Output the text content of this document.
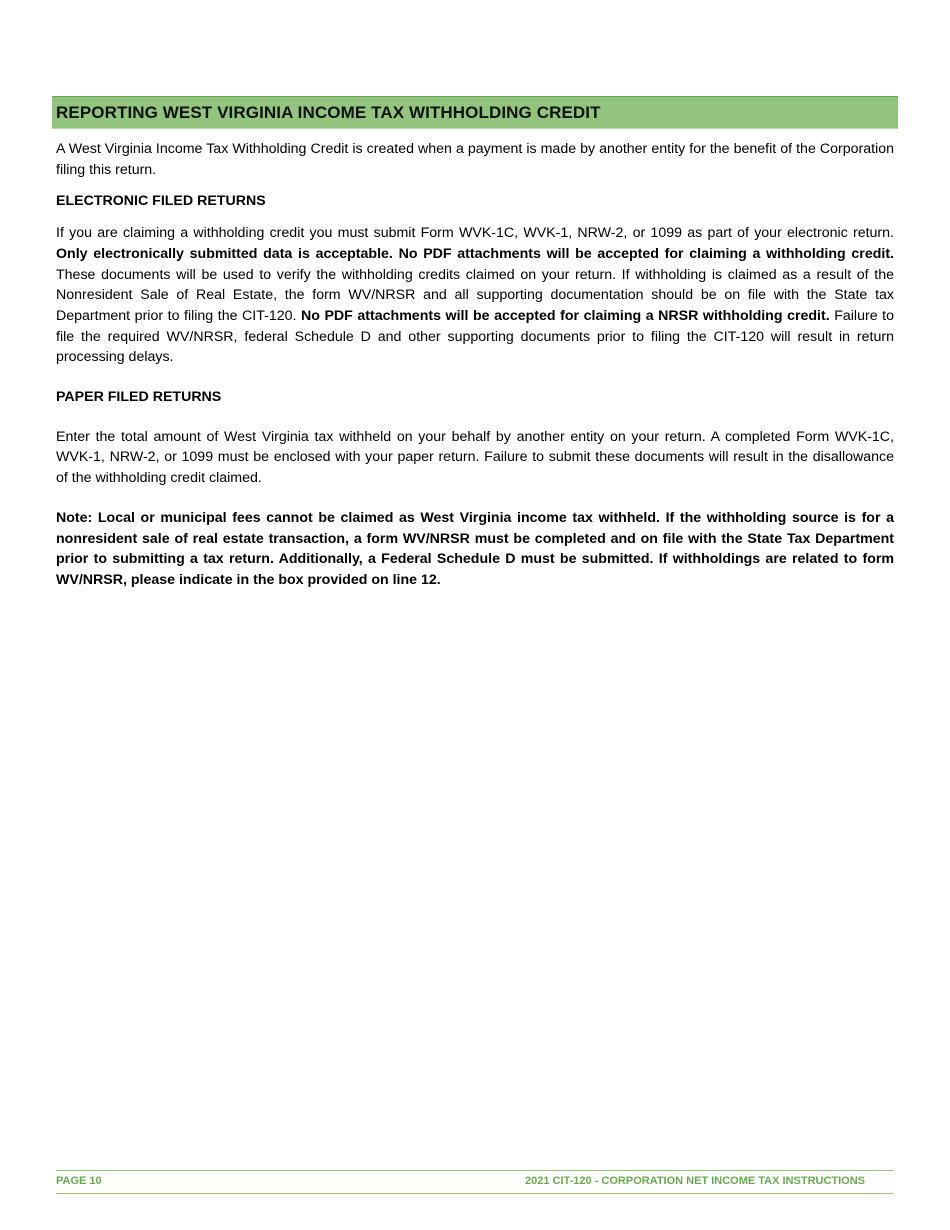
REPORTING WEST VIRGINIA INCOME TAX WITHHOLDING CREDIT

A West Virginia Income Tax Withholding Credit is created when a payment is made by another entity for the benefit of the Corporation filing this return.

ELECTRONIC FILED RETURNS

If you are claiming a withholding credit you must submit Form WVK-1C, WVK-1, NRW-2, or 1099 as part of your electronic return. Only electronically submitted data is acceptable. No PDF attachments will be accepted for claiming a withholding credit. These documents will be used to verify the withholding credits claimed on your return. If withholding is claimed as a result of the Nonresident Sale of Real Estate, the form WV/NRSR and all supporting documentation should be on file with the State tax Department prior to filing the CIT-120. No PDF attachments will be accepted for claiming a NRSR withholding credit. Failure to file the required WV/NRSR, federal Schedule D and other supporting documents prior to filing the CIT-120 will result in return processing delays.

PAPER FILED RETURNS

Enter the total amount of West Virginia tax withheld on your behalf by another entity on your return. A completed Form WVK-1C, WVK-1, NRW-2, or 1099 must be enclosed with your paper return. Failure to submit these documents will result in the disallowance of the withholding credit claimed.

Note: Local or municipal fees cannot be claimed as West Virginia income tax withheld. If the withholding source is for a nonresident sale of real estate transaction, a form WV/NRSR must be completed and on file with the State Tax Department prior to submitting a tax return. Additionally, a Federal Schedule D must be submitted. If withholdings are related to form WV/NRSR, please indicate in the box provided on line 12.

PAGE 10	2021 CIT-120 - CORPORATION NET INCOME TAX INSTRUCTIONS
